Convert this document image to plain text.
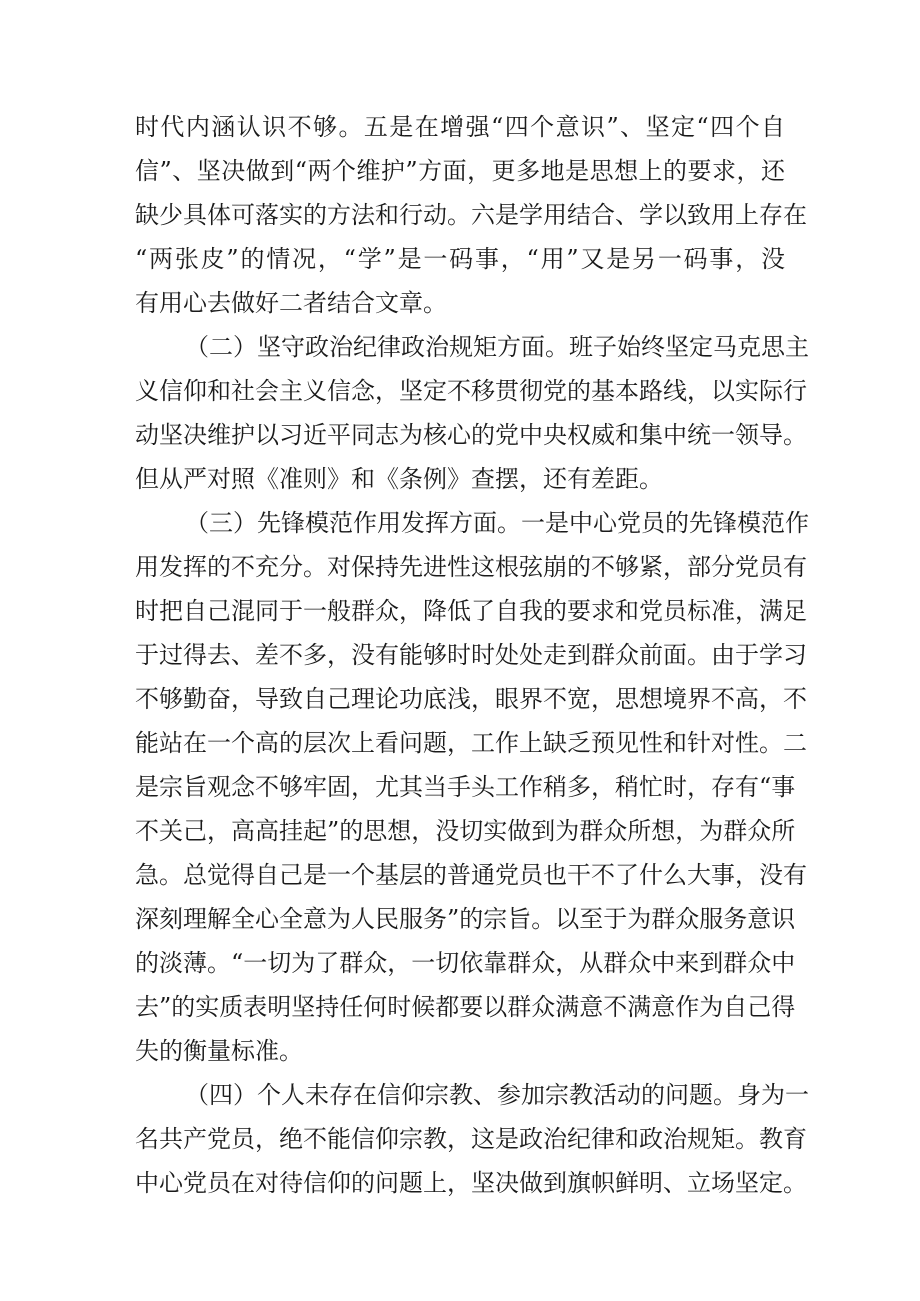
时代内涵认识不够。五是在增强“四个意识”、坚定“四个自
信”、坚决做到“两个维护”方面，更多地是思想上的要求，还
缺少具体可落实的方法和行动。六是学用结合、学以致用上存在
“两张皮”的情况，“学”是一码事，“用”又是另一码事，没
有用心去做好二者结合文章。
（二）坚守政治纪律政治规矩方面。班子始终坚定马克思主
义信仰和社会主义信念，坚定不移贯彻党的基本路线，以实际行
动坚决维护以习近平同志为核心的党中央权威和集中统一领导。
但从严对照《准则》和《条例》查摆，还有差距。
（三）先锋模范作用发挥方面。一是中心党员的先锋模范作
用发挥的不充分。对保持先进性这根弦崩的不够紧，部分党员有
时把自己混同于一般群众，降低了自我的要求和党员标准，满足
于过得去、差不多，没有能够时时处处走到群众前面。由于学习
不够勤奋，导致自己理论功底浅，眼界不宽，思想境界不高，不
能站在一个高的层次上看问题，工作上缺乏预见性和针对性。二
是宗旨观念不够牢固，尤其当手头工作稍多，稍忙时，存有“事
不关己，高高挂起”的思想，没切实做到为群众所想，为群众所
急。总觉得自己是一个基层的普通党员也干不了什么大事，没有
深刻理解全心全意为人民服务”的宗旨。以至于为群众服务意识
的淡薄。“一切为了群众，一切依靠群众，从群众中来到群众中
去”的实质表明坚持任何时候都要以群众满意不满意作为自己得
失的衡量标准。
（四）个人未存在信仰宗教、参加宗教活动的问题。身为一
名共产党员，绝不能信仰宗教，这是政治纪律和政治规矩。教育
中心党员在对待信仰的问题上，坚决做到旗帜鲜明、立场坚定。
